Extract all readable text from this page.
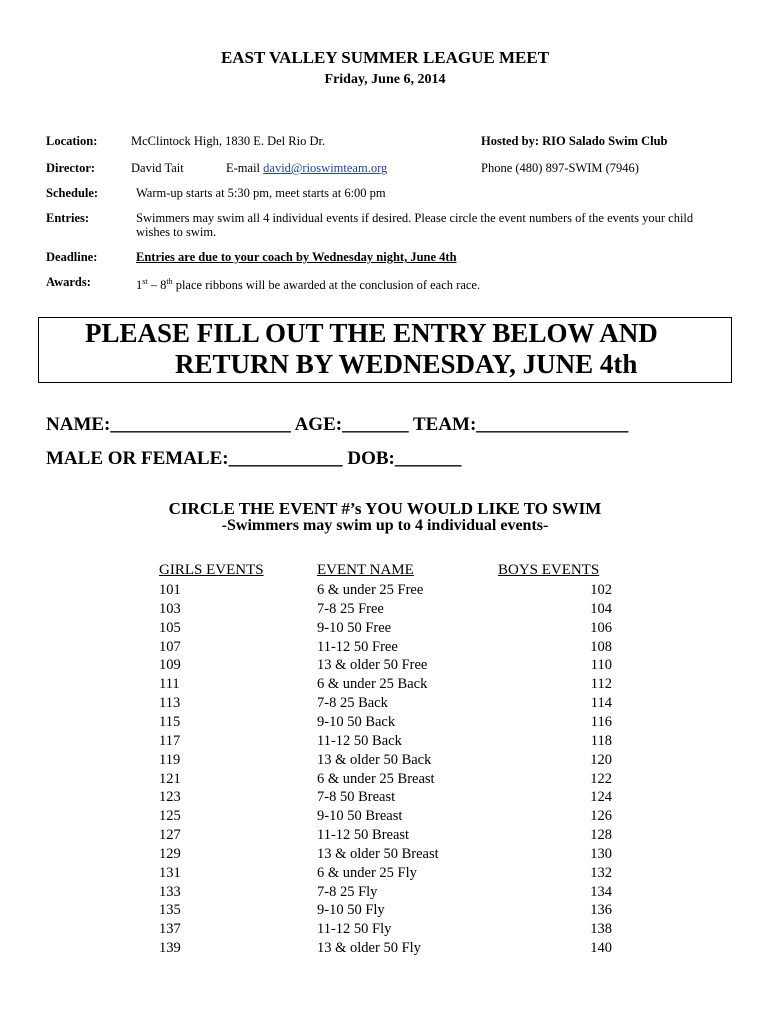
EAST VALLEY SUMMER LEAGUE MEET
Friday, June 6, 2014
Location:	McClintock High, 1830 E. Del Rio Dr.	Hosted by: RIO Salado Swim Club
Director:	David Tait	E-mail david@rioswimteam.org	Phone (480) 897-SWIM (7946)
Schedule:	Warm-up starts at 5:30 pm, meet starts at 6:00 pm
Entries:	Swimmers may swim all 4 individual events if desired. Please circle the event numbers of the events your child wishes to swim.
Deadline:	Entries are due to your coach by Wednesday night, June 4th
Awards:	1st – 8th place ribbons will be awarded at the conclusion of each race.
PLEASE FILL OUT THE ENTRY BELOW AND
RETURN BY WEDNESDAY, JUNE 4th
NAME:___________________ AGE:_______ TEAM:________________
MALE OR FEMALE:____________ DOB:_______
CIRCLE THE EVENT #’s YOU WOULD LIKE TO SWIM
-Swimmers may swim up to 4 individual events-
GIRLS EVENTS	EVENT NAME	BOYS EVENTS
101	6 & under 25 Free	102
103	7-8 25 Free	104
105	9-10 50 Free	106
107	11-12 50 Free	108
109	13 & older 50 Free	110
111	6 & under 25 Back	112
113	7-8 25 Back	114
115	9-10 50 Back	116
117	11-12 50 Back	118
119	13 & older 50 Back	120
121	6 & under 25 Breast	122
123	7-8 50 Breast	124
125	9-10 50 Breast	126
127	11-12 50 Breast	128
129	13 & older 50 Breast	130
131	6 & under 25 Fly	132
133	7-8 25 Fly	134
135	9-10 50 Fly	136
137	11-12 50 Fly	138
139	13 & older 50 Fly	140
